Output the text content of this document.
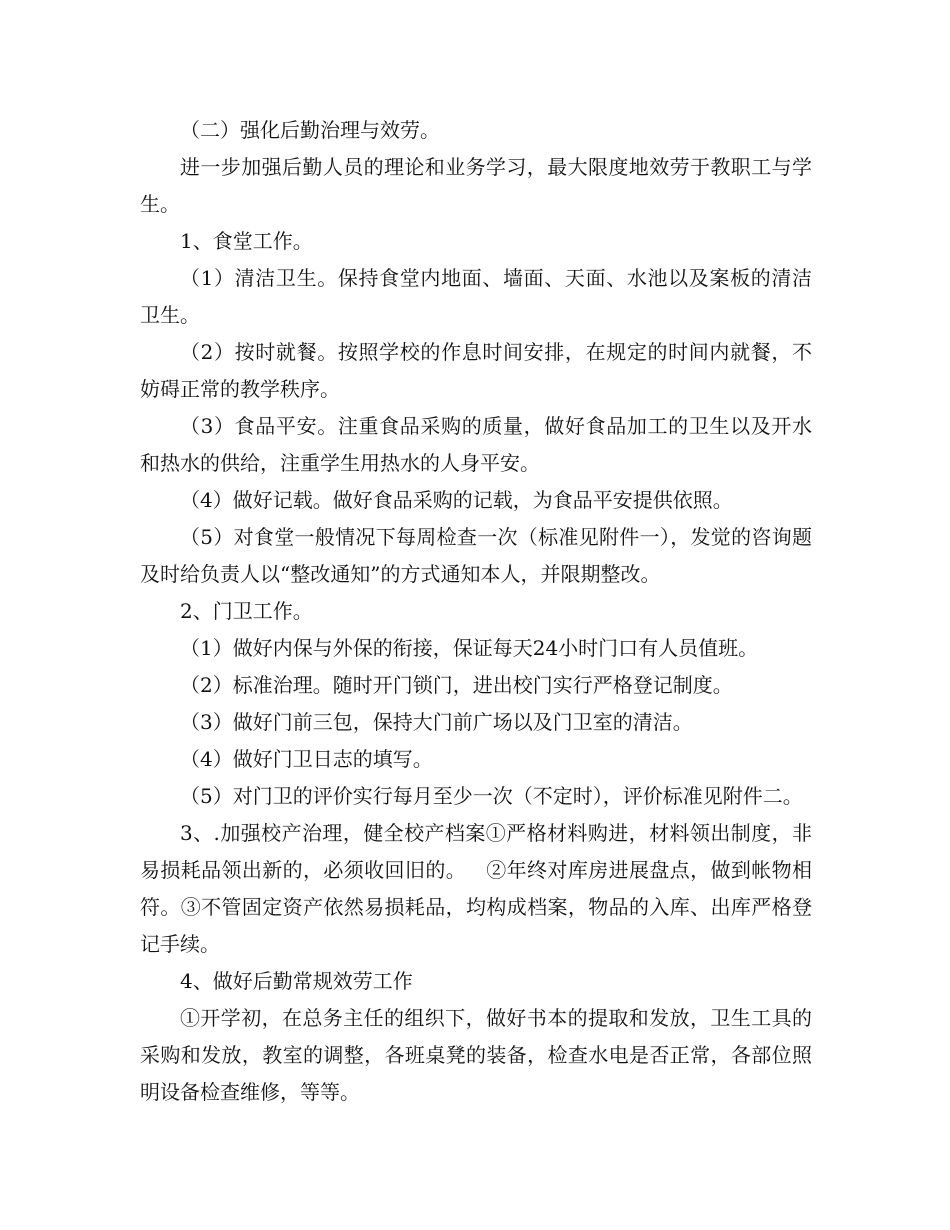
（二）强化后勤治理与效劳。

进一步加强后勤人员的理论和业务学习，最大限度地效劳于教职工与学生。

1、食堂工作。

（1）清洁卫生。保持食堂内地面、墙面、天面、水池以及案板的清洁卫生。

（2）按时就餐。按照学校的作息时间安排，在规定的时间内就餐，不妨碍正常的教学秩序。

（3）食品平安。注重食品采购的质量，做好食品加工的卫生以及开水和热水的供给，注重学生用热水的人身平安。

（4）做好记载。做好食品采购的记载，为食品平安提供依照。

（5）对食堂一般情况下每周检查一次（标准见附件一），发觉的咨询题及时给负责人以“整改通知”的方式通知本人，并限期整改。

2、门卫工作。

（1）做好内保与外保的衔接，保证每天24小时门口有人员值班。

（2）标准治理。随时开门锁门，进出校门实行严格登记制度。

（3）做好门前三包，保持大门前广场以及门卫室的清洁。

（4）做好门卫日志的填写。

（5）对门卫的评价实行每月至少一次（不定时），评价标准见附件二。

3、.加强校产治理，健全校产档案①严格材料购进，材料领出制度，非易损耗品领出新的，必须收回旧的。   ②年终对库房进展盘点，做到帐物相符。③不管固定资产依然易损耗品，均构成档案，物品的入库、出库严格登记手续。

4、做好后勤常规效劳工作

①开学初，在总务主任的组织下，做好书本的提取和发放，卫生工具的采购和发放，教室的调整，各班桌凳的装备，检查水电是否正常，各部位照明设备检查维修，等等。
